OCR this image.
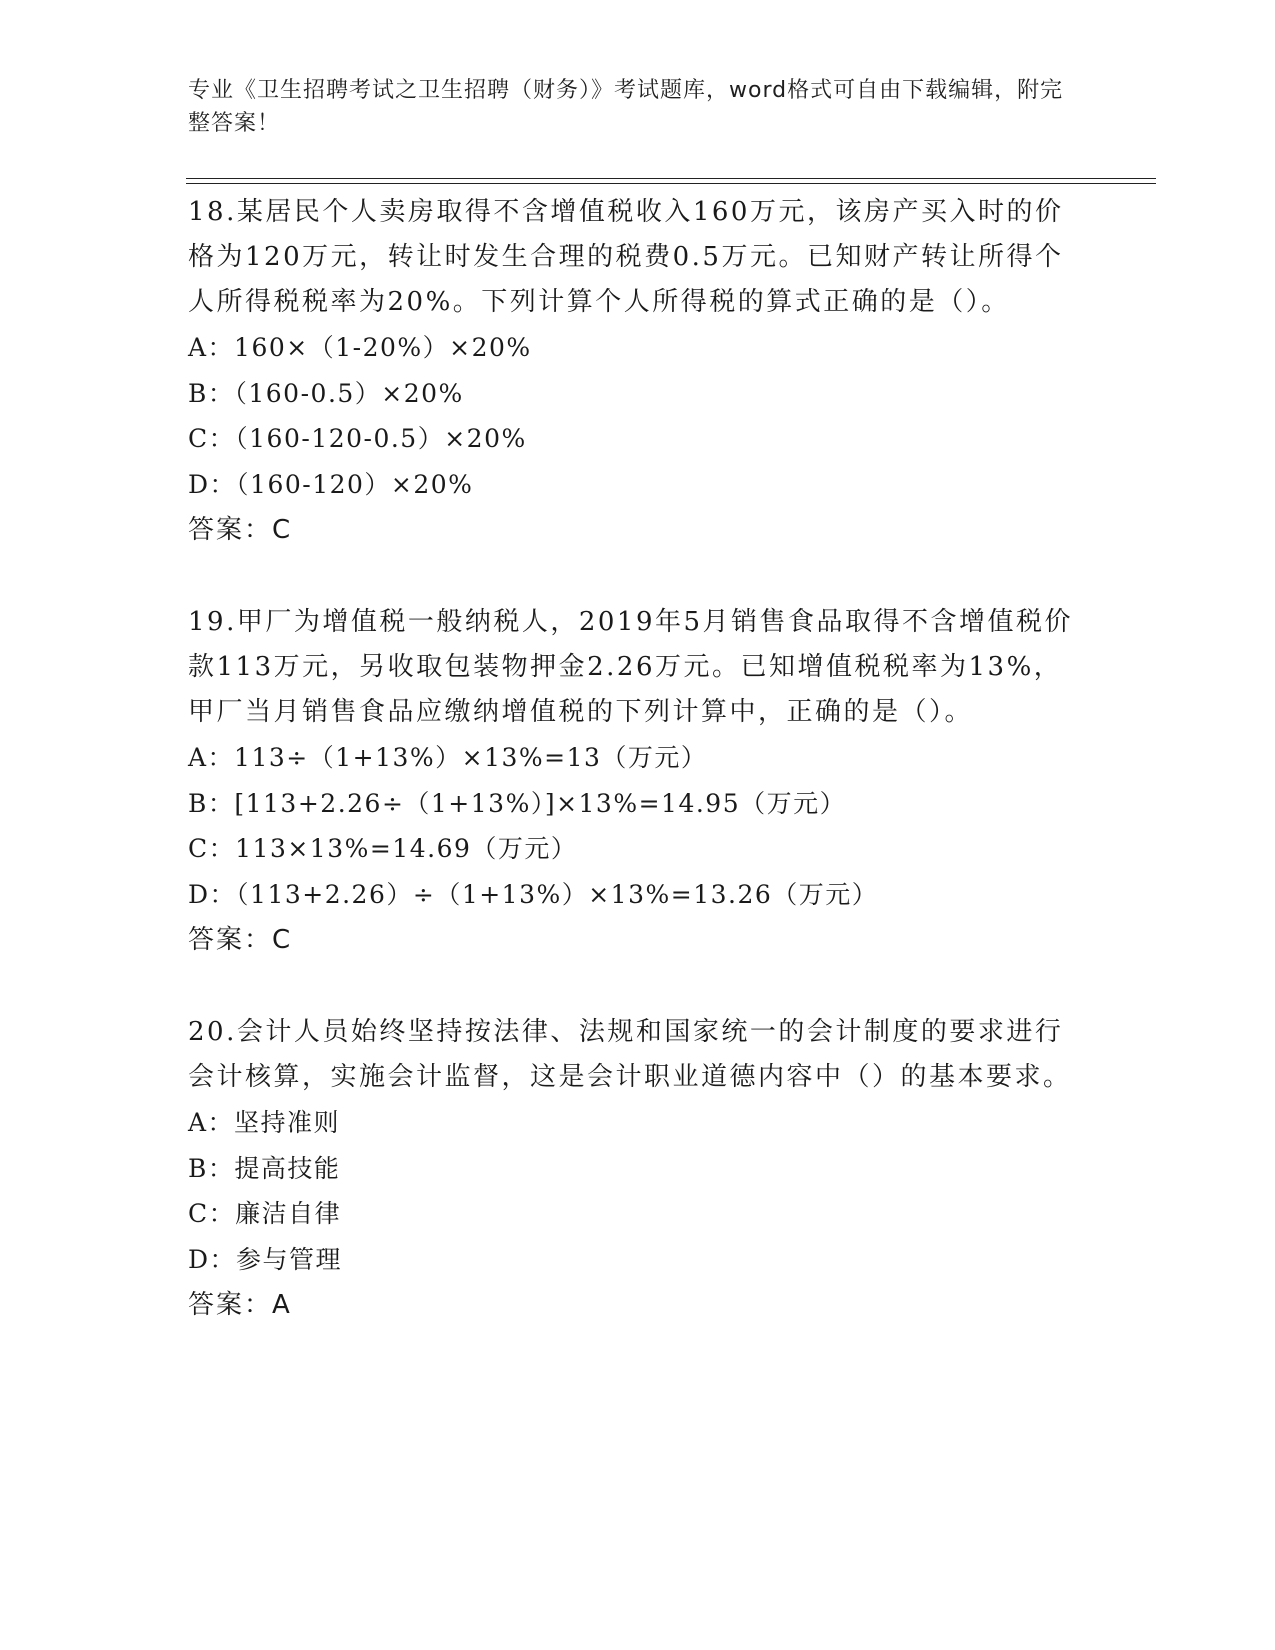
专业《卫生招聘考试之卫生招聘（财务）》考试题库，word格式可自由下载编辑，附完整答案！

18.某居民个人卖房取得不含增值税收入160万元，该房产买入时的价格为120万元，转让时发生合理的税费0.5万元。已知财产转让所得个人所得税税率为20%。下列计算个人所得税的算式正确的是（）。

A：160×（1-20%）×20%

B：（160-0.5）×20%

C：（160-120-0.5）×20%

D：（160-120）×20%

答案：C

19.甲厂为增值税一般纳税人，2019年5月销售食品取得不含增值税价款113万元，另收取包装物押金2.26万元。已知增值税税率为13%，甲厂当月销售食品应缴纳增值税的下列计算中，正确的是（）。

A：113÷（1+13%）×13%=13（万元）

B：[113+2.26÷（1+13%）]×13%=14.95（万元）

C：113×13%=14.69（万元）

D：（113+2.26）÷（1+13%）×13%=13.26（万元）

答案：C

20.会计人员始终坚持按法律、法规和国家统一的会计制度的要求进行会计核算，实施会计监督，这是会计职业道德内容中（）的基本要求。

A：坚持准则

B：提高技能

C：廉洁自律

D：参与管理

答案：A
